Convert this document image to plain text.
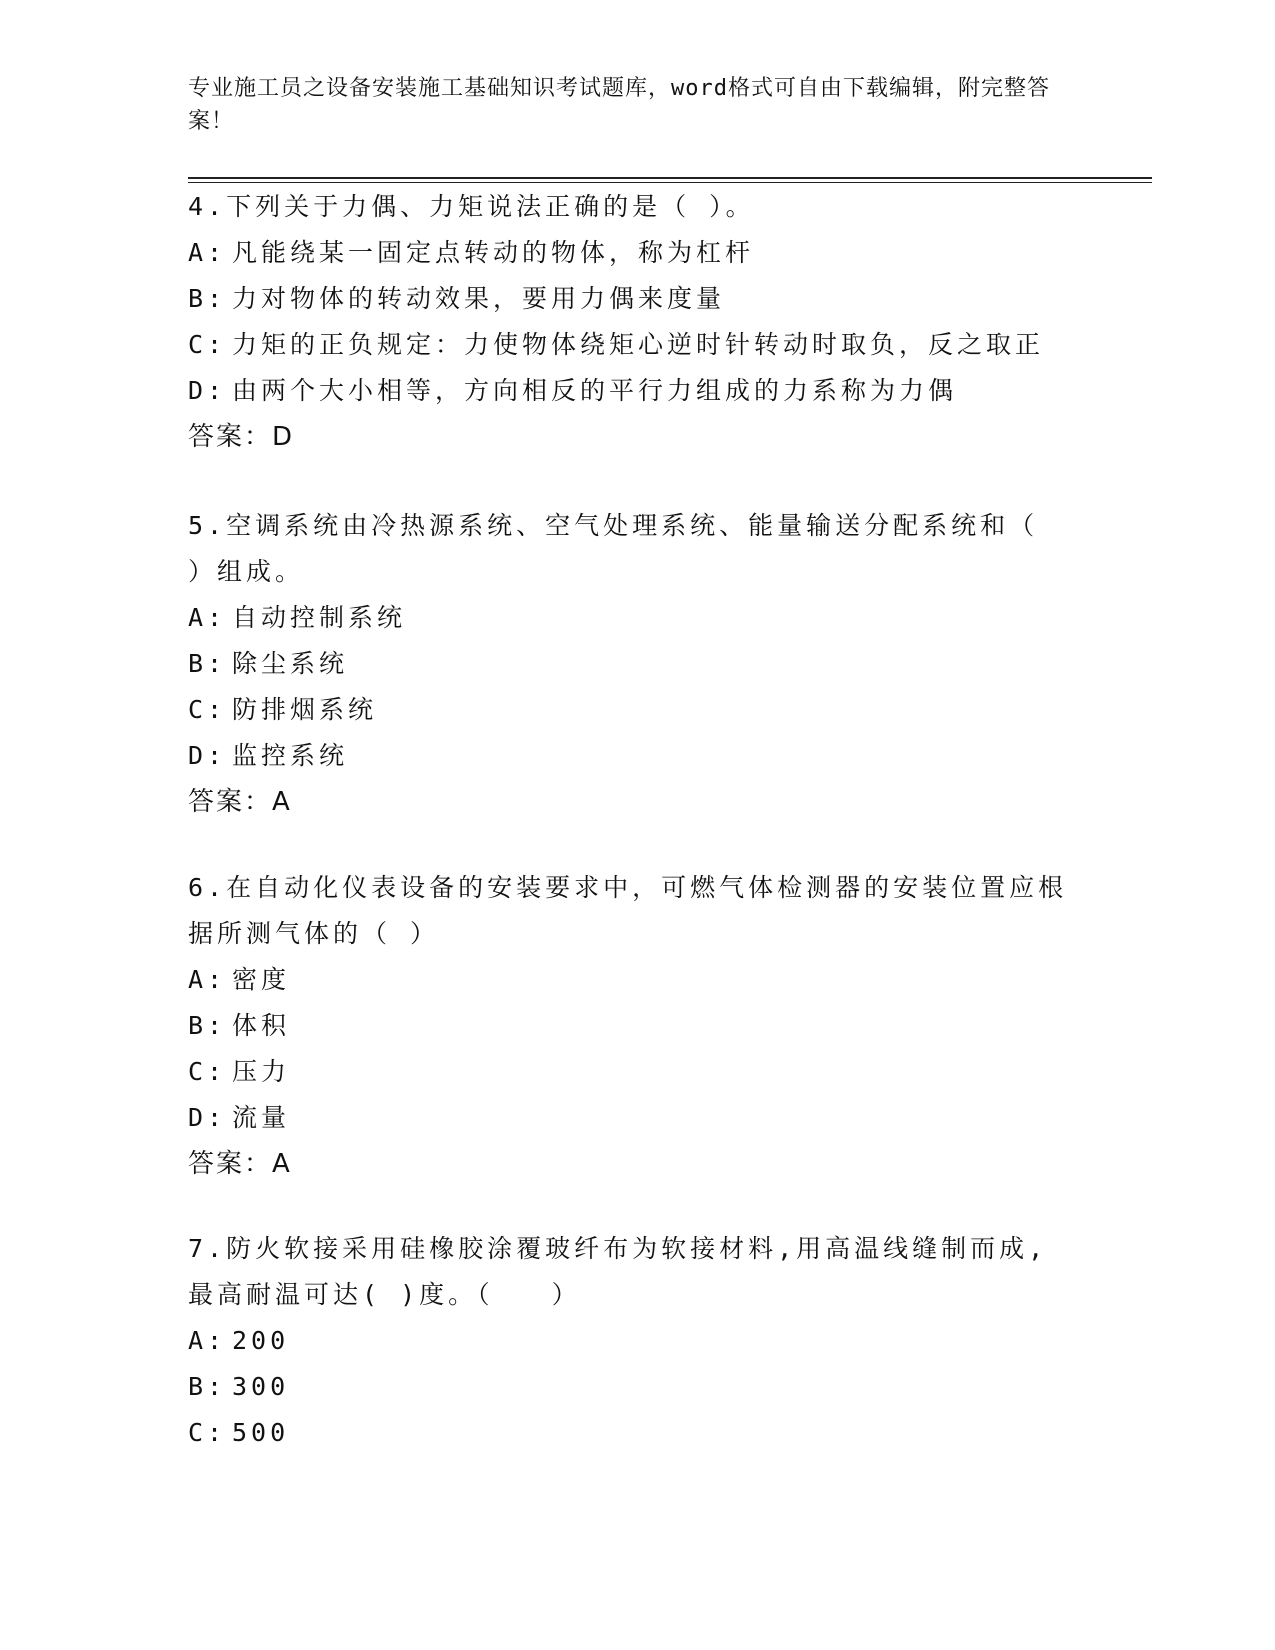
专业施工员之设备安装施工基础知识考试题库，word格式可自由下载编辑，附完整答案！

4.下列关于力偶、力矩说法正确的是（ ）。

A: 凡能绕某一固定点转动的物体，称为杠杆

B: 力对物体的转动效果，要用力偶来度量

C: 力矩的正负规定：力使物体绕矩心逆时针转动时取负，反之取正

D: 由两个大小相等，方向相反的平行力组成的力系称为力偶

答案：D

5.空调系统由冷热源系统、空气处理系统、能量输送分配系统和（ ）组成。

A: 自动控制系统

B: 除尘系统

C: 防排烟系统

D: 监控系统

答案：A

6.在自动化仪表设备的安装要求中，可燃气体检测器的安装位置应根据所测气体的（ ）

A: 密度

B: 体积

C: 压力

D: 流量

答案：A

7.防火软接采用硅橡胶涂覆玻纤布为软接材料,用高温线缝制而成,最高耐温可达( )度。（　　）

A: 200

B: 300

C: 500
